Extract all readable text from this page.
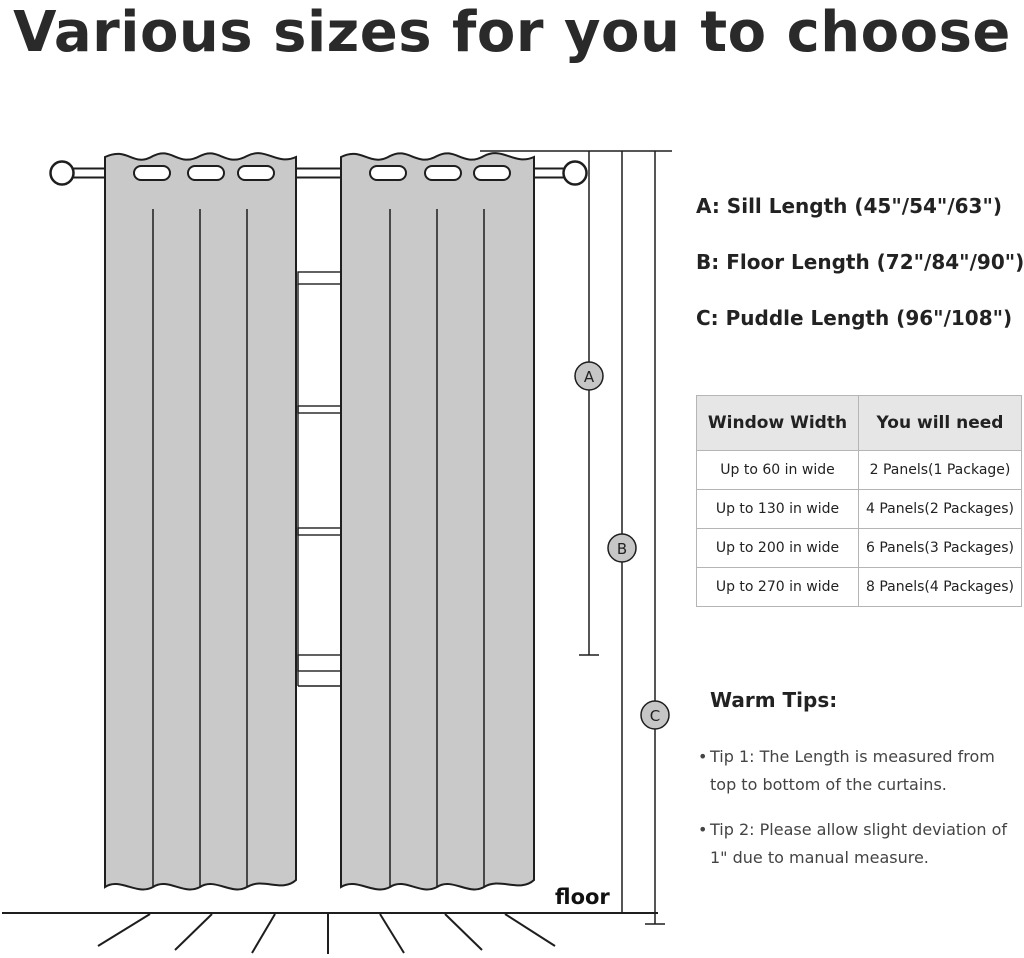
Various sizes for you to choose
floor
A
B
C
A: Sill Length (45"/54"/63")
B: Floor Length (72"/84"/90")
C: Puddle Length (96"/108")
Window Width	You will need
Up to 60 in wide	2 Panels(1 Package)
Up to 130 in wide	4 Panels(2 Packages)
Up to 200 in wide	6 Panels(3 Packages)
Up to 270 in wide	8 Panels(4 Packages)
Warm Tips:
• Tip 1: The Length is measured from top to bottom of the curtains.
• Tip 2: Please allow slight deviation of 1" due to manual measure.
